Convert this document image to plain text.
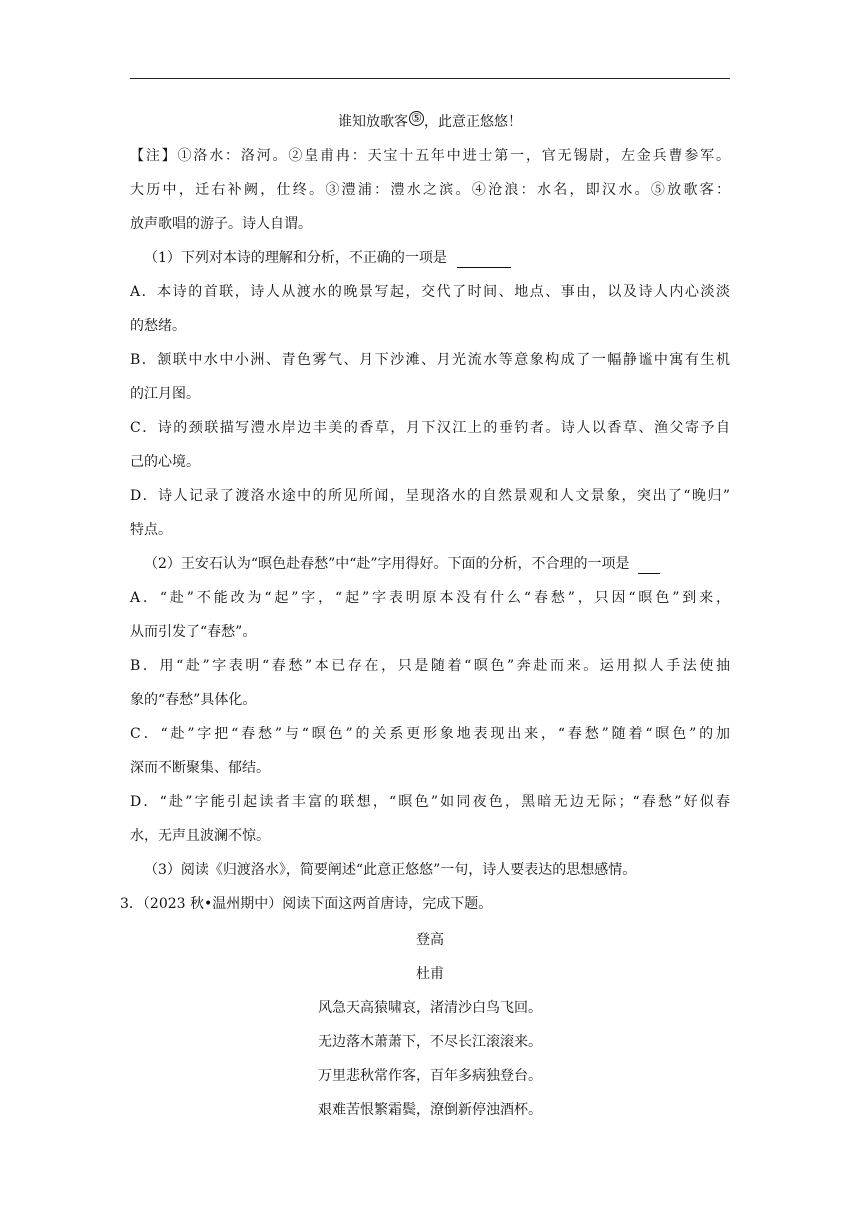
谁知放歌客 ⑤ ，此意正悠悠！
【注】①洛水：洛河。②皇甫冉：天宝十五年中进士第一，官无锡尉，左金兵曹参军。
大历中，迁右补阙，仕终。③澧浦：澧水之滨。④沧浪：水名，即汉水。⑤放歌客：
放声歌唱的游子。诗人自谓。
（1）下列对本诗的理解和分析，不正确的一项是
A．本诗的首联，诗人从渡水的晚景写起，交代了时间、地点、事由，以及诗人内心淡淡
的愁绪。
B．颔联中水中小洲、青色雾气、月下沙滩、月光流水等意象构成了一幅静谧中寓有生机
的江月图。
C．诗的颈联描写澧水岸边丰美的香草，月下汉江上的垂钓者。诗人以香草、渔父寄予自
己的心境。
D．诗人记录了渡洛水途中的所见所闻，呈现洛水的自然景观和人文景象，突出了“晚归”
特点。
（2）王安石认为“暝色赴春愁”中“赴”字用得好。下面的分析，不合理的一项是
A．“赴”不能改为“起”字，“起”字表明原本没有什么“春愁”，只因“暝色”到来，
从而引发了“春愁”。
B．用“赴”字表明“春愁”本已存在，只是随着“暝色”奔赴而来。运用拟人手法使抽
象的“春愁”具体化。
C．“赴”字把“春愁”与“暝色”的关系更形象地表现出来，“春愁”随着“暝色”的加
深而不断聚集、郁结。
D．“赴”字能引起读者丰富的联想，“暝色”如同夜色，黑暗无边无际；“春愁”好似春
水，无声且波澜不惊。
（3）阅读《归渡洛水》，简要阐述“此意正悠悠”一句，诗人要表达的思想感情。
3．（2023 秋•温州期中）阅读下面这两首唐诗，完成下题。
登高
杜甫
风急天高猿啸哀，渚清沙白鸟飞回。
无边落木萧萧下，不尽长江滚滚来。
万里悲秋常作客，百年多病独登台。
艰难苦恨繁霜鬓，潦倒新停浊酒杯。
